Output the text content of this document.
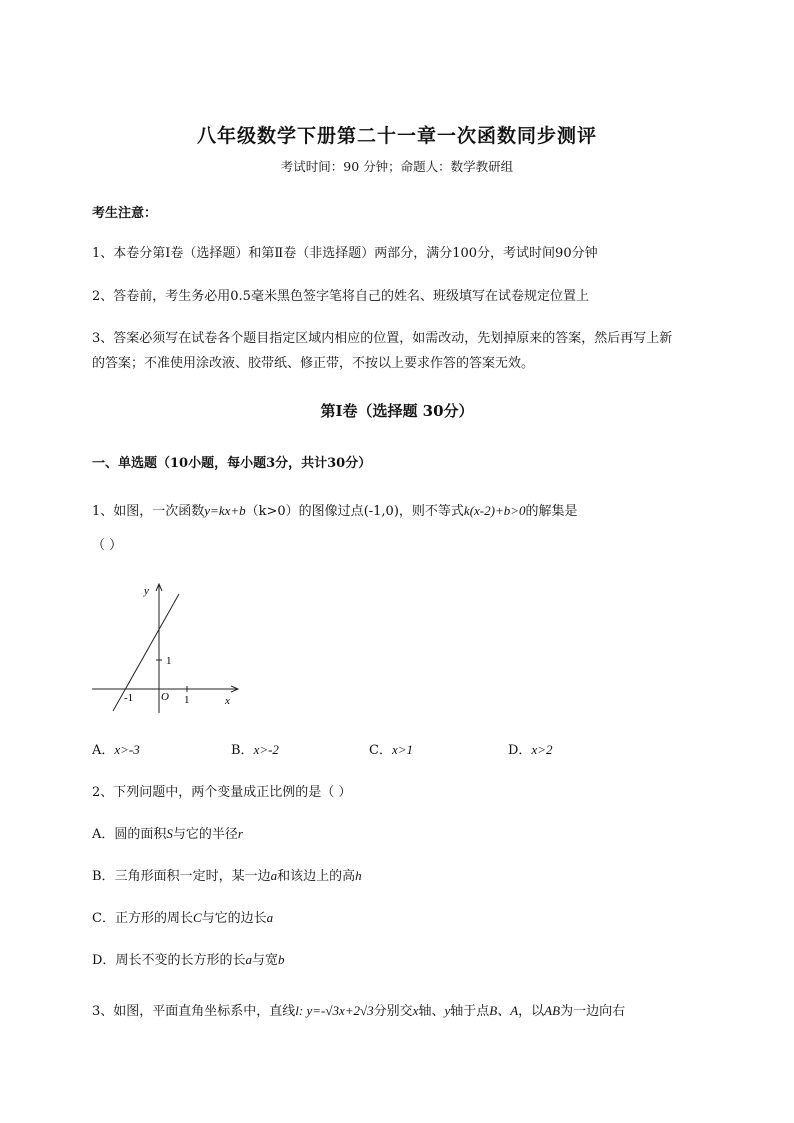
八年级数学下册第二十一章一次函数同步测评
考试时间：90 分钟；命题人：数学教研组
考生注意：
1、本卷分第Ⅰ卷（选择题）和第Ⅱ卷（非选择题）两部分，满分100分，考试时间90分钟
2、答卷前，考生务必用0.5毫米黑色签字笔将自己的姓名、班级填写在试卷规定位置上
3、答案必须写在试卷各个题目指定区域内相应的位置，如需改动，先划掉原来的答案，然后再写上新
的答案；不准使用涂改液、胶带纸、修正带，不按以上要求作答的答案无效。
第Ⅰ卷（选择题 30分）
一、单选题（10小题，每小题3分，共计30分）
1、如图，一次函数y=kx+b（k>0）的图像过点(-1,0)，则不等式k(x-2)+b>0的解集是
（ ）
y
x
O
1
1
-1
A．x>-3	B．x>-2	C．x>1	D．x>2
2、下列问题中，两个变量成正比例的是（ ）
A．圆的面积S与它的半径r
B．三角形面积一定时，某一边a和该边上的高h
C．正方形的周长C与它的边长a
D．周长不变的长方形的长a与宽b
3、如图，平面直角坐标系中，直线l: y=-√3x+2√3分别交x轴、y轴于点B、A，以AB为一边向右
